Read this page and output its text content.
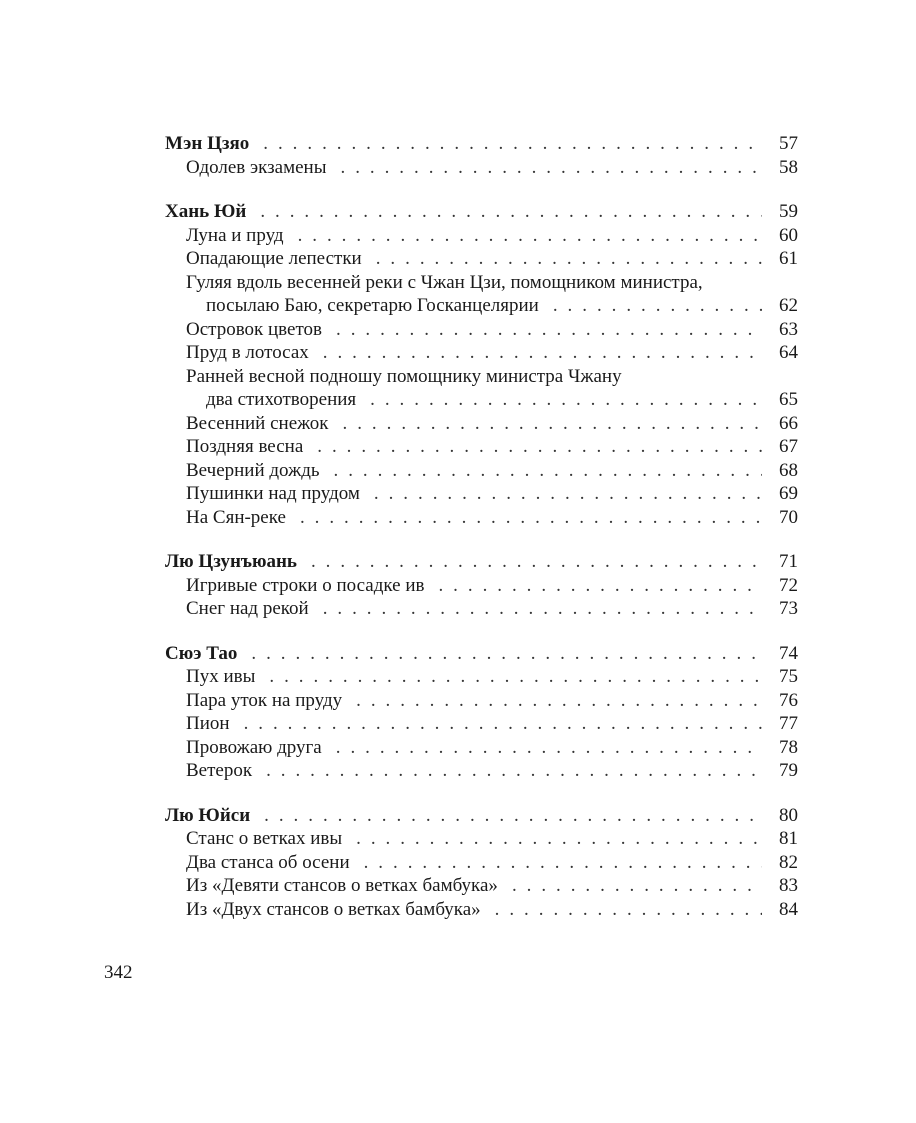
Мэн Цзяо . . .	57
Одолев экзамены . . .	58
Хань Юй . . .	59
Луна и пруд . . .	60
Опадающие лепестки . . .	61
Гуляя вдоль весенней реки с Чжан Цзи, помощником министра,
посылаю Баю, секретарю Госканцелярии . . .	62
Островок цветов . . .	63
Пруд в лотосах . . .	64
Ранней весной подношу помощнику министра Чжану
два стихотворения . . .	65
Весенний снежок . . .	66
Поздняя весна . . .	67
Вечерний дождь . . .	68
Пушинки над прудом . . .	69
На Сян-реке . . .	70
Лю Цзунъюань . . .	71
Игривые строки о посадке ив . . .	72
Снег над рекой . . .	73
Сюэ Тао . . .	74
Пух ивы . . .	75
Пара уток на пруду . . .	76
Пион . . .	77
Провожаю друга . . .	78
Ветерок . . .	79
Лю Юйси . . .	80
Станс о ветках ивы . . .	81
Два станса об осени . . .	82
Из «Девяти стансов о ветках бамбука» . . .	83
Из «Двух стансов о ветках бамбука» . . .	84
342
